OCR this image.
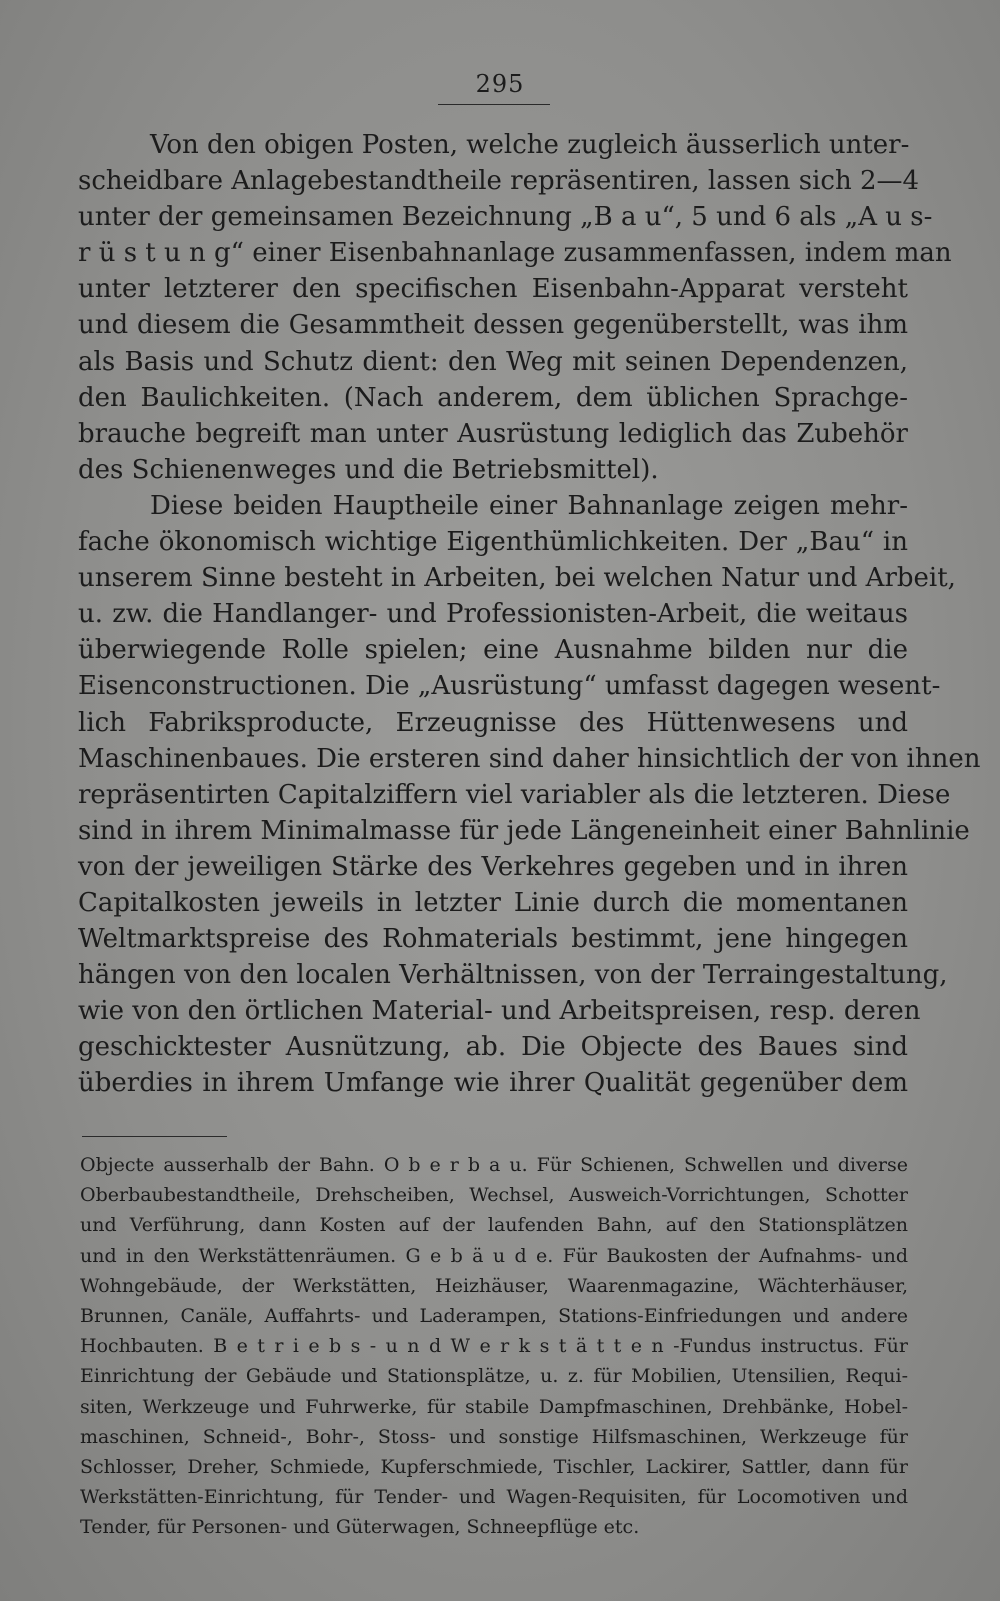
295
Von den obigen Posten, welche zugleich äusserlich unter-
scheidbare Anlagebestandtheile repräsentiren, lassen sich 2—4
unter der gemeinsamen Bezeichnung „B a u“, 5 und 6 als „A u s-
r ü s t u n g“ einer Eisenbahnanlage zusammenfassen, indem man
unter letzterer den specifischen Eisenbahn-Apparat versteht
und diesem die Gesammtheit dessen gegenüberstellt, was ihm
als Basis und Schutz dient: den Weg mit seinen Dependenzen,
den Baulichkeiten. (Nach anderem, dem üblichen Sprachge-
brauche begreift man unter Ausrüstung lediglich das Zubehör
des Schienenweges und die Betriebsmittel).
Diese beiden Hauptheile einer Bahnanlage zeigen mehr-
fache ökonomisch wichtige Eigenthümlichkeiten. Der „Bau“ in
unserem Sinne besteht in Arbeiten, bei welchen Natur und Arbeit,
u. zw. die Handlanger- und Professionisten-Arbeit, die weitaus
überwiegende Rolle spielen; eine Ausnahme bilden nur die
Eisenconstructionen. Die „Ausrüstung“ umfasst dagegen wesent-
lich Fabriksproducte, Erzeugnisse des Hüttenwesens und
Maschinenbaues. Die ersteren sind daher hinsichtlich der von ihnen
repräsentirten Capitalziffern viel variabler als die letzteren. Diese
sind in ihrem Minimalmasse für jede Längeneinheit einer Bahnlinie
von der jeweiligen Stärke des Verkehres gegeben und in ihren
Capitalkosten jeweils in letzter Linie durch die momentanen
Weltmarktspreise des Rohmaterials bestimmt, jene hingegen
hängen von den localen Verhältnissen, von der Terraingestaltung,
wie von den örtlichen Material- und Arbeitspreisen, resp. deren
geschicktester Ausnützung, ab. Die Objecte des Baues sind
überdies in ihrem Umfange wie ihrer Qualität gegenüber dem
Objecte ausserhalb der Bahn. O b e r b a u. Für Schienen, Schwellen und diverse
Oberbaubestandtheile, Drehscheiben, Wechsel, Ausweich-Vorrichtungen, Schotter
und Verführung, dann Kosten auf der laufenden Bahn, auf den Stationsplätzen
und in den Werkstättenräumen. G e b ä u d e. Für Baukosten der Aufnahms- und
Wohngebäude, der Werkstätten, Heizhäuser, Waarenmagazine, Wächterhäuser,
Brunnen, Canäle, Auffahrts- und Laderampen, Stations-Einfriedungen und andere
Hochbauten. B e t r i e b s - u n d W e r k s t ä t t e n -Fundus instructus. Für
Einrichtung der Gebäude und Stationsplätze, u. z. für Mobilien, Utensilien, Requi-
siten, Werkzeuge und Fuhrwerke, für stabile Dampfmaschinen, Drehbänke, Hobel-
maschinen, Schneid-, Bohr-, Stoss- und sonstige Hilfsmaschinen, Werkzeuge für
Schlosser, Dreher, Schmiede, Kupferschmiede, Tischler, Lackirer, Sattler, dann für
Werkstätten-Einrichtung, für Tender- und Wagen-Requisiten, für Locomotiven und
Tender, für Personen- und Güterwagen, Schneepflüge etc.
